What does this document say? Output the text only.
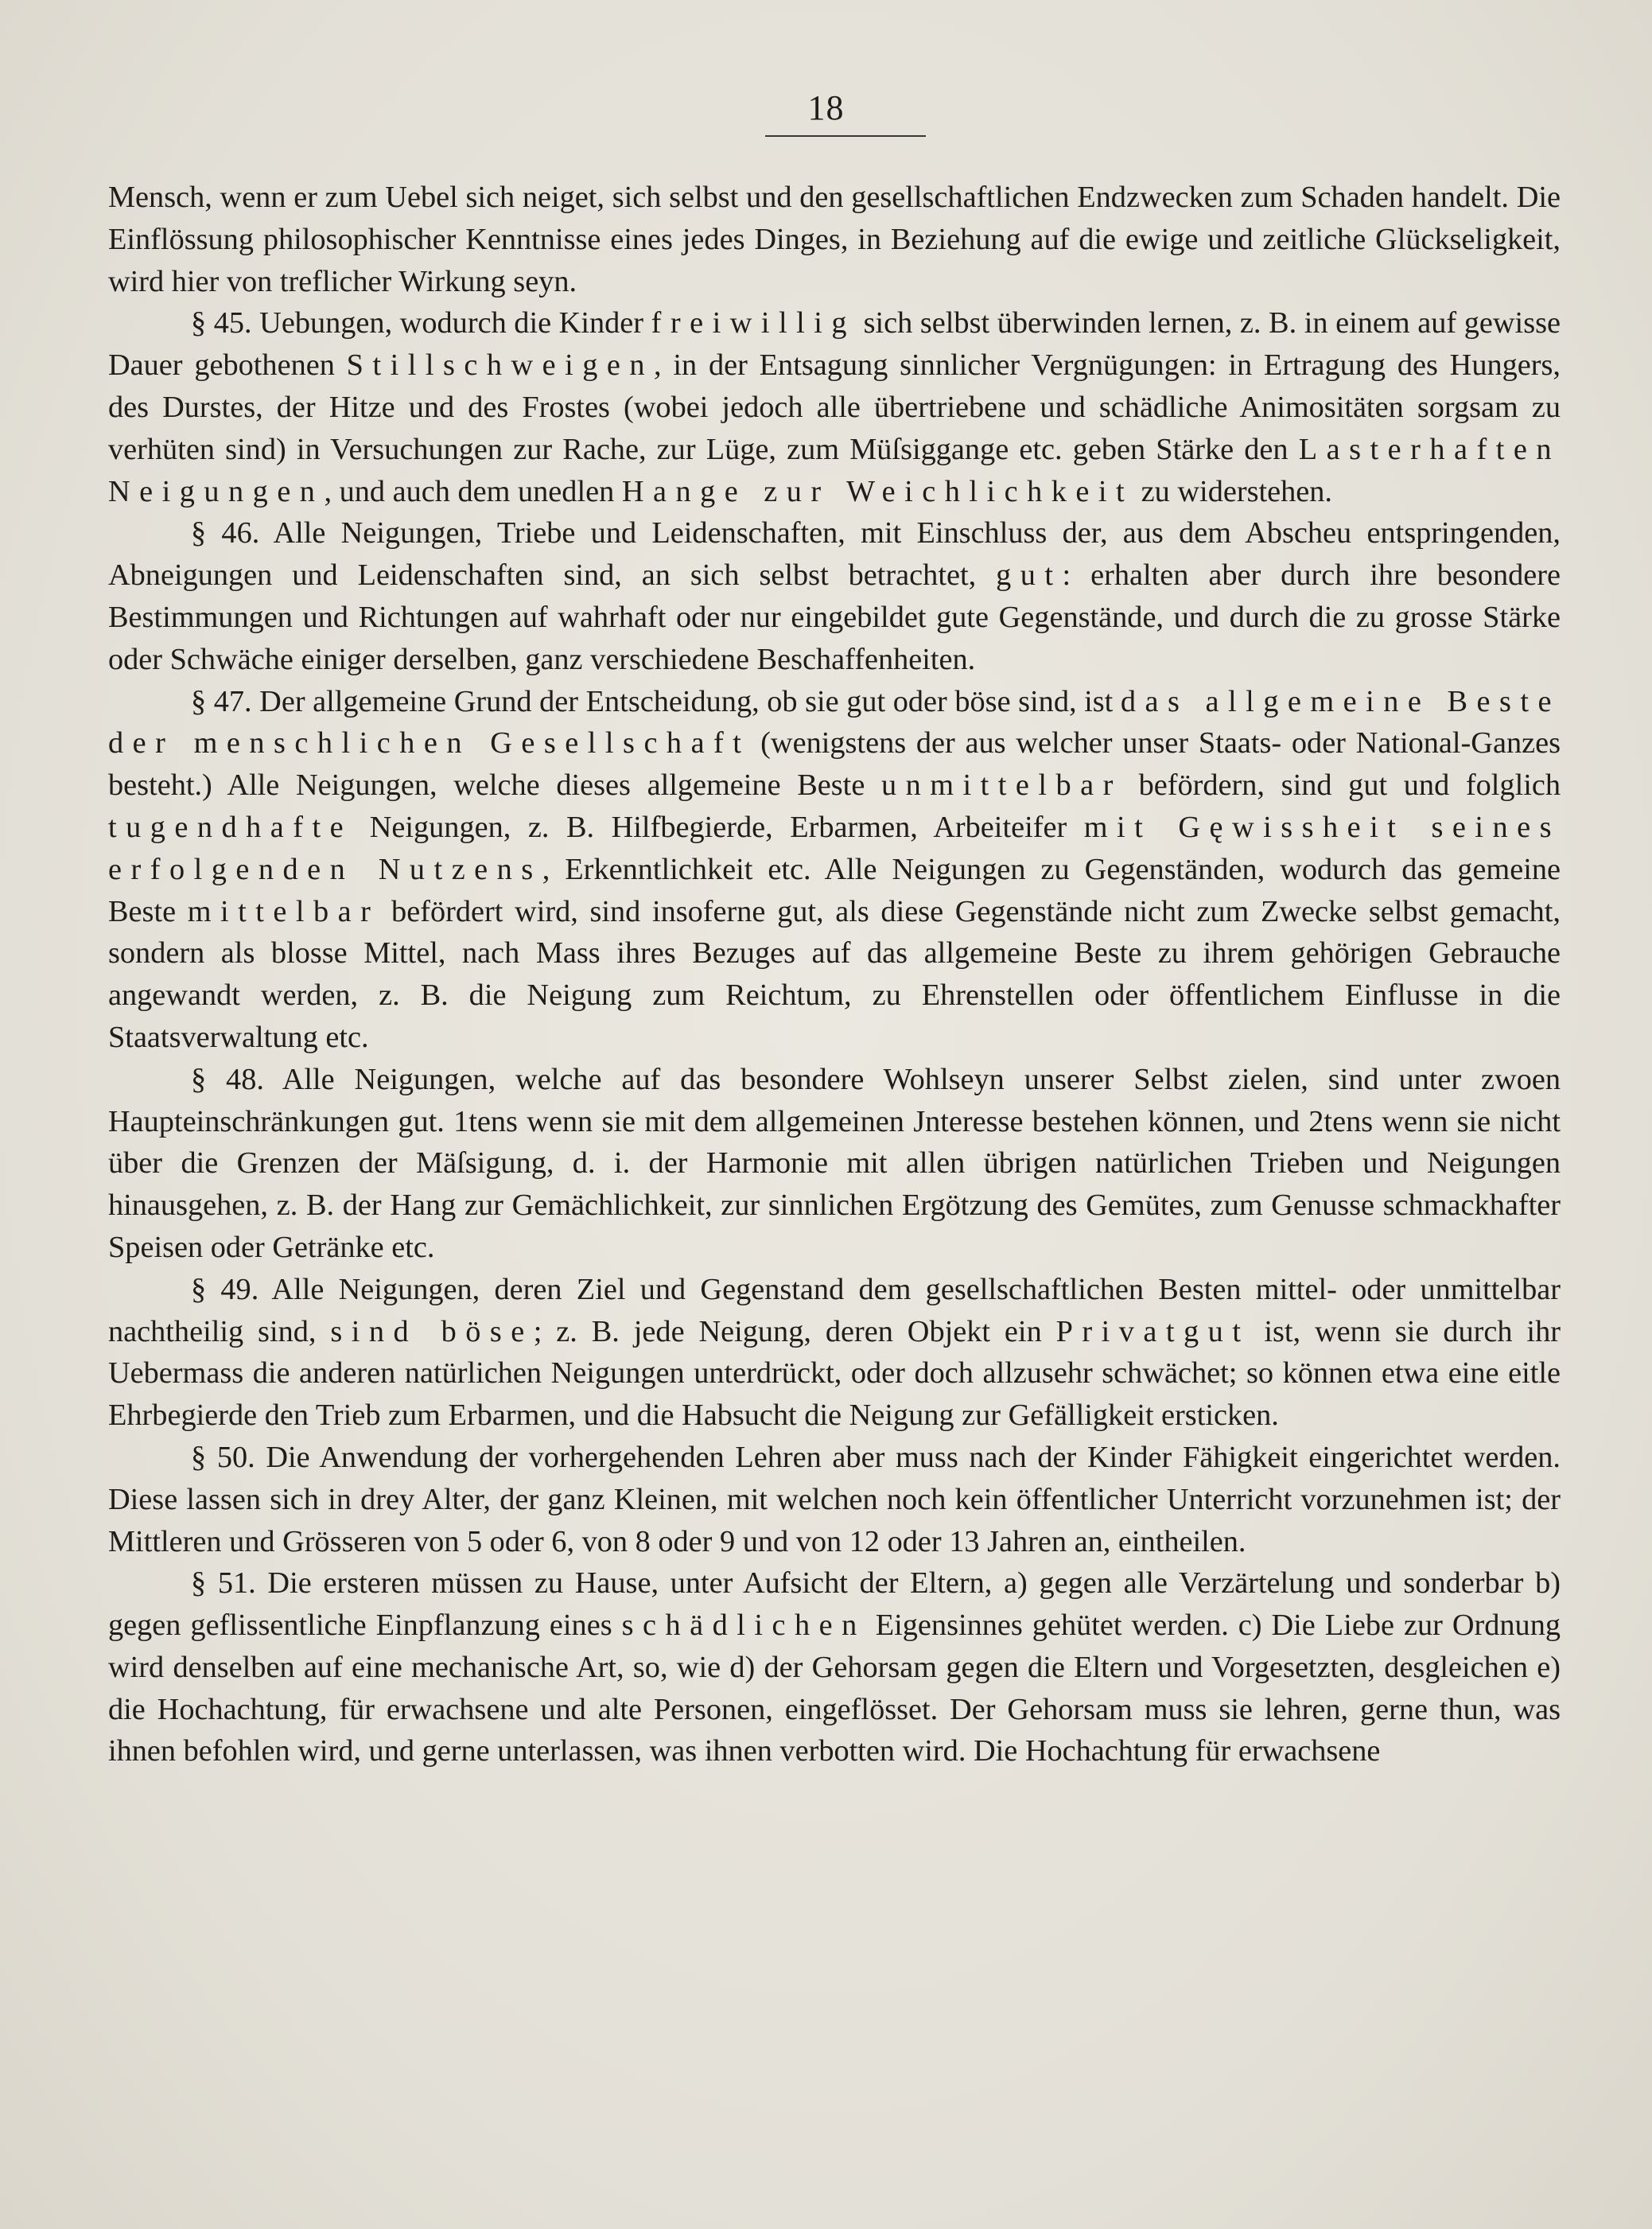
18

Mensch, wenn er zum Uebel sich neiget, sich selbst und den gesellschaftlichen Endzwecken zum Schaden handelt. Die Einflössung philosophischer Kenntnisse eines jedes Dinges, in Beziehung auf die ewige und zeitliche Glückseligkeit, wird hier von treflicher Wirkung seyn.

§ 45. Uebungen, wodurch die Kinder freiwillig sich selbst überwinden lernen, z. B. in einem auf gewisse Dauer gebothenen Stillschweigen, in der Entsagung sinnlicher Vergnügungen: in Ertragung des Hungers, des Durstes, der Hitze und des Frostes (wobei jedoch alle übertriebene und schädliche Animositäten sorgsam zu verhüten sind) in Versuchungen zur Rache, zur Lüge, zum Müſsiggange etc. geben Stärke den Lasterhaften Neigungen, und auch dem unedlen Hange zur Weichlichkeit zu widerstehen.

§ 46. Alle Neigungen, Triebe und Leidenschaften, mit Einschluss der, aus dem Abscheu entspringenden, Abneigungen und Leidenschaften sind, an sich selbst betrachtet, gut: erhalten aber durch ihre besondere Bestimmungen und Richtungen auf wahrhaft oder nur eingebildet gute Gegenstände, und durch die zu grosse Stärke oder Schwäche einiger derselben, ganz verschiedene Beschaffenheiten.

§ 47. Der allgemeine Grund der Entscheidung, ob sie gut oder böse sind, ist das allgemeine Beste der menschlichen Gesellschaft (wenigstens der aus welcher unser Staats- oder National-Ganzes besteht.) Alle Neigungen, welche dieses allgemeine Beste unmittelbar befördern, sind gut und folglich tugendhafte Neigungen, z. B. Hilfbegierde, Erbarmen, Arbeiteifer mit Gęwissheit seines erfolgenden Nutzens, Erkenntlichkeit etc. Alle Neigungen zu Gegenständen, wodurch das gemeine Beste mittelbar befördert wird, sind insoferne gut, als diese Gegenstände nicht zum Zwecke selbst gemacht, sondern als blosse Mittel, nach Mass ihres Bezuges auf das allgemeine Beste zu ihrem gehörigen Gebrauche angewandt werden, z. B. die Neigung zum Reichtum, zu Ehrenstellen oder öffentlichem Einflusse in die Staatsverwaltung etc.

§ 48. Alle Neigungen, welche auf das besondere Wohlseyn unserer Selbst zielen, sind unter zwoen Haupteinschränkungen gut. 1tens wenn sie mit dem allgemeinen Jnteresse bestehen können, und 2tens wenn sie nicht über die Grenzen der Mäſsigung, d. i. der Harmonie mit allen übrigen natürlichen Trieben und Neigungen hinausgehen, z. B. der Hang zur Gemächlichkeit, zur sinnlichen Ergötzung des Gemütes, zum Genusse schmackhafter Speisen oder Getränke etc.

§ 49. Alle Neigungen, deren Ziel und Gegenstand dem gesellschaftlichen Besten mittel- oder unmittelbar nachtheilig sind, sind böse; z. B. jede Neigung, deren Objekt ein Privatgut ist, wenn sie durch ihr Uebermass die anderen natürlichen Neigungen unterdrückt, oder doch allzusehr schwächet; so können etwa eine eitle Ehrbegierde den Trieb zum Erbarmen, und die Habsucht die Neigung zur Gefälligkeit ersticken.

§ 50. Die Anwendung der vorhergehenden Lehren aber muss nach der Kinder Fähigkeit eingerichtet werden. Diese lassen sich in drey Alter, der ganz Kleinen, mit welchen noch kein öffentlicher Unterricht vorzunehmen ist; der Mittleren und Grösseren von 5 oder 6, von 8 oder 9 und von 12 oder 13 Jahren an, eintheilen.

§ 51. Die ersteren müssen zu Hause, unter Aufsicht der Eltern, a) gegen alle Verzärtelung und sonderbar b) gegen geflissentliche Einpflanzung eines schädlichen Eigensinnes gehütet werden. c) Die Liebe zur Ordnung wird denselben auf eine mechanische Art, so, wie d) der Gehorsam gegen die Eltern und Vorgesetzten, desgleichen e) die Hochachtung, für erwachsene und alte Personen, eingeflösset. Der Gehorsam muss sie lehren, gerne thun, was ihnen befohlen wird, und gerne unterlassen, was ihnen verbotten wird. Die Hochachtung für erwachsene
